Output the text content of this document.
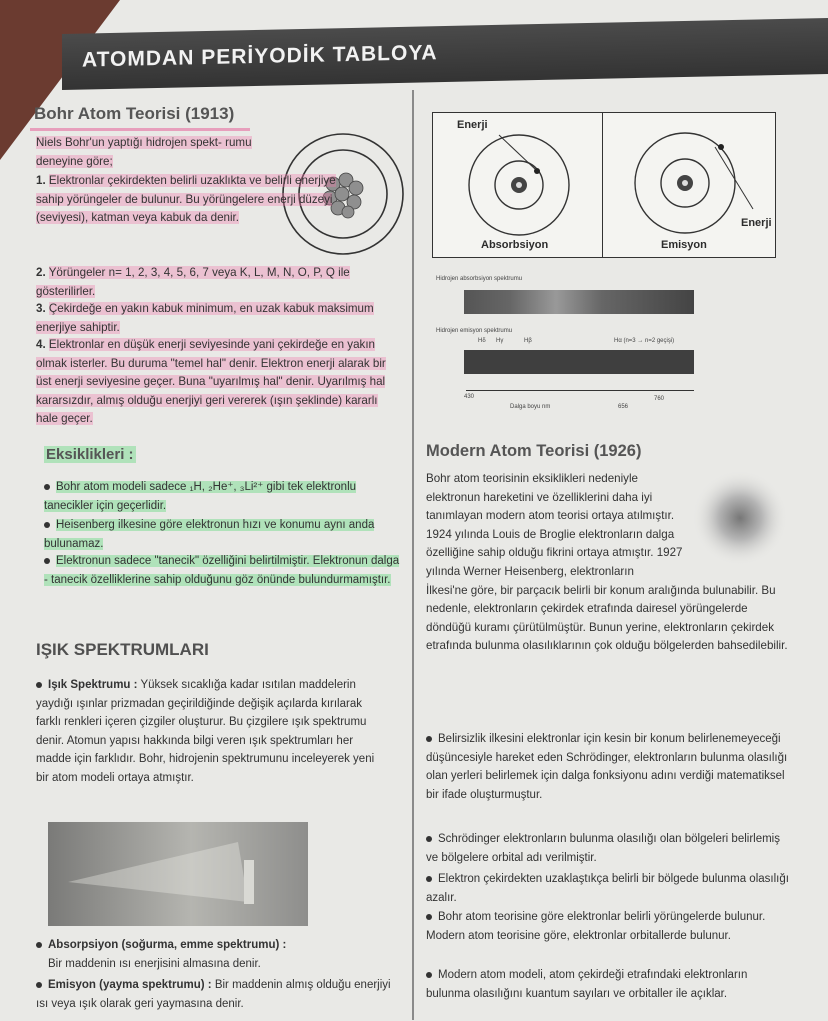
ATOMDAN PERİYODİK TABLOYA
Bohr Atom Teorisi (1913)
Niels Bohr'un yaptığı hidrojen spekt- rumu deneyine göre;
1. Elektronlar çekirdekten belirli uzaklıkta ve belirli enerjiye sahip yörüngeler de bulunur. Bu yörüngelere enerji düzeyi (seviyesi), katman veya kabuk da denir.
2. Yörüngeler n= 1, 2, 3, 4, 5, 6, 7 veya K, L, M, N, O, P, Q ile gösterilirler.
3. Çekirdeğe en yakın kabuk minimum, en uzak kabuk maksimum enerjiye sahiptir.
4. Elektronlar en düşük enerji seviyesinde yani çekirdeğe en yakın olmak isterler. Bu duruma "temel hal" denir. Elektron enerji alarak bir üst enerji seviyesine geçer. Buna "uyarılmış hal" denir. Uyarılmış hal kararsızdır, almış olduğu enerjiyi geri vererek (ışın şeklinde) kararlı hale geçer.
Eksiklikleri :
Bohr atom modeli sadece ₁H, ₂He⁺, ₃Li²⁺ gibi tek elektronlu tanecikler için geçerlidir.
Heisenberg ilkesine göre elektronun hızı ve konumu aynı anda bulunamaz.
Elektronun sadece "tanecik" özelliğini belirtilmiştir. Elektronun dalga - tanecik özelliklerine sahip olduğunu göz önünde bulundurmamıştır.
IŞIK SPEKTRUMLARI
Işık Spektrumu : Yüksek sıcaklığa kadar ısıtılan maddelerin yaydığı ışınlar prizmadan geçirildiğinde değişik açılarda kırılarak farklı renkleri içeren çizgiler oluşturur. Bu çizgilere ışık spektrumu denir. Atomun yapısı hakkında bilgi veren ışık spektrumları her madde için farklıdır. Bohr, hidrojenin spektrumunu inceleyerek yeni bir atom modeli ortaya atmıştır.
Absorpsiyon (soğurma, emme spektrumu) :
Bir maddenin ısı enerjisini almasına denir.
Emisyon (yayma spektrumu) : Bir maddenin almış olduğu enerjiyi ısı veya ışık olarak geri yaymasına denir.
Enerji
Absorbsiyon
Enerji
Emisyon
Hidrojen absorbsiyon spektrumu
Hidrojen emisyon spektrumu
Hδ Hγ	Hβ	Hα (n=3 → n=2 geçişi)
430
656
760
Dalga boyu nm
Modern Atom Teorisi (1926)
Bohr atom teorisinin eksiklikleri nedeniyle elektronun hareketini ve özelliklerini daha iyi tanımlayan modern atom teorisi ortaya atılmıştır. 1924 yılında Louis de Broglie elektronların dalga özelliğine sahip olduğu fikrini ortaya atmıştır. 1927 yılında Werner Heisenberg, elektronların
İlkesi'ne göre, bir parçacık belirli bir konum aralığında bulunabilir. Bu nedenle, elektronların çekirdek etrafında dairesel yörüngelerde döndüğü kuramı çürütülmüştür. Bunun yerine, elektronların çekirdek etrafında bulunma olasılıklarının çok olduğu bölgelerden bahsedilebilir.
Belirsizlik ilkesini elektronlar için kesin bir konum belirlenemeyeceği düşüncesiyle hareket eden Schrödinger, elektronların bulunma olasılığı olan yerleri belirlemek için dalga fonksiyonu adını verdiği matematiksel bir ifade oluşturmuştur.
Schrödinger elektronların bulunma olasılığı olan bölgeleri belirlemiş ve bölgelere orbital adı verilmiştir.
Elektron çekirdekten uzaklaştıkça belirli bir bölgede bulunma olasılığı azalır.
Bohr atom teorisine göre elektronlar belirli yörüngelerde bulunur. Modern atom teorisine göre, elektronlar orbitallerde bulunur.
Modern atom modeli, atom çekirdeği etrafındaki elektronların bulunma olasılığını kuantum sayıları ve orbitaller ile açıklar.
